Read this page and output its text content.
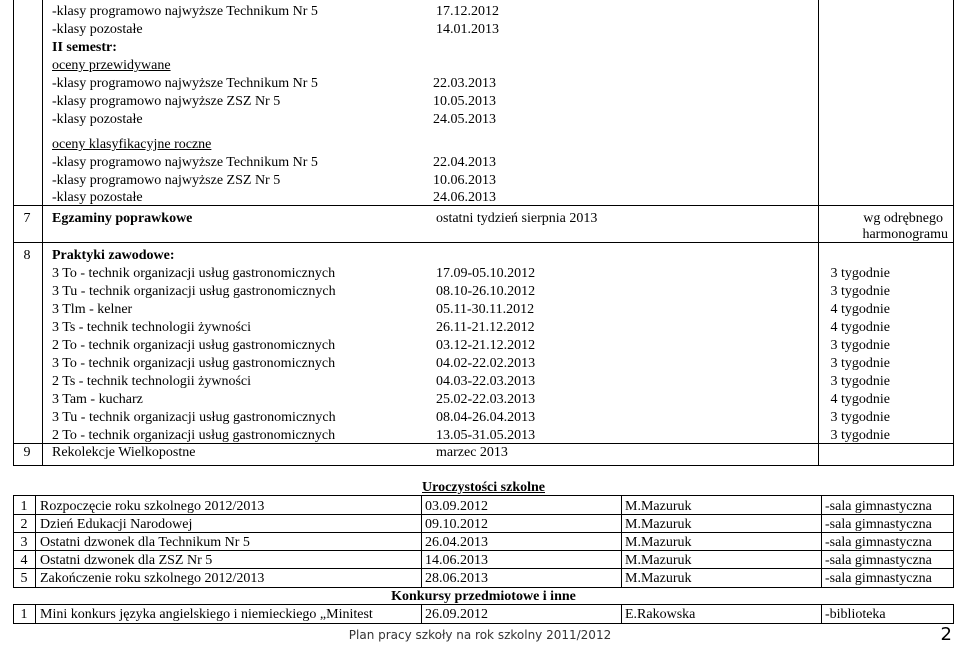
-klasy programowo najwyższe Technikum Nr 5	17.12.2012
-klasy pozostałe	14.01.2013
II semestr:
oceny przewidywane
-klasy programowo najwyższe Technikum Nr 5	22.03.2013
-klasy programowo najwyższe ZSZ Nr 5	10.05.2013
-klasy pozostałe	24.05.2013
oceny klasyfikacyjne roczne
-klasy programowo najwyższe Technikum Nr 5	22.04.2013
-klasy programowo najwyższe ZSZ Nr 5	10.06.2013
-klasy pozostałe	24.06.2013
7	Egzaminy poprawkowe	ostatni tydzień sierpnia 2013	wg odrębnego
harmonogramu
8	Praktyki zawodowe:
3 To - technik organizacji usług gastronomicznych	17.09-05.10.2012	3 tygodnie
3 Tu - technik organizacji usług gastronomicznych	08.10-26.10.2012	3 tygodnie
3 Tlm - kelner	05.11-30.11.2012	4 tygodnie
3 Ts - technik technologii żywności	26.11-21.12.2012	4 tygodnie
2 To - technik organizacji usług gastronomicznych	03.12-21.12.2012	3 tygodnie
3 To - technik organizacji usług gastronomicznych	04.02-22.02.2013	3 tygodnie
2 Ts - technik technologii żywności	04.03-22.03.2013	3 tygodnie
3 Tam - kucharz	25.02-22.03.2013	4 tygodnie
3 Tu - technik organizacji usług gastronomicznych	08.04-26.04.2013	3 tygodnie
2 To - technik organizacji usług gastronomicznych	13.05-31.05.2013	3 tygodnie
9	Rekolekcje Wielkopostne	marzec 2013
Uroczystości szkolne
1 Rozpoczęcie roku szkolnego 2012/2013	03.09.2012	M.Mazuruk	-sala gimnastyczna
2 Dzień Edukacji Narodowej	09.10.2012	M.Mazuruk	-sala gimnastyczna
3 Ostatni dzwonek dla Technikum Nr 5	26.04.2013	M.Mazuruk	-sala gimnastyczna
4 Ostatni dzwonek dla ZSZ Nr 5	14.06.2013	M.Mazuruk	-sala gimnastyczna
5 Zakończenie roku szkolnego 2012/2013	28.06.2013	M.Mazuruk	-sala gimnastyczna
Konkursy przedmiotowe i inne
1 Mini konkurs języka angielskiego i niemieckiego „Minitest	26.09.2012	E.Rakowska	-biblioteka
Plan pracy szkoły na rok szkolny 2011/2012	2
